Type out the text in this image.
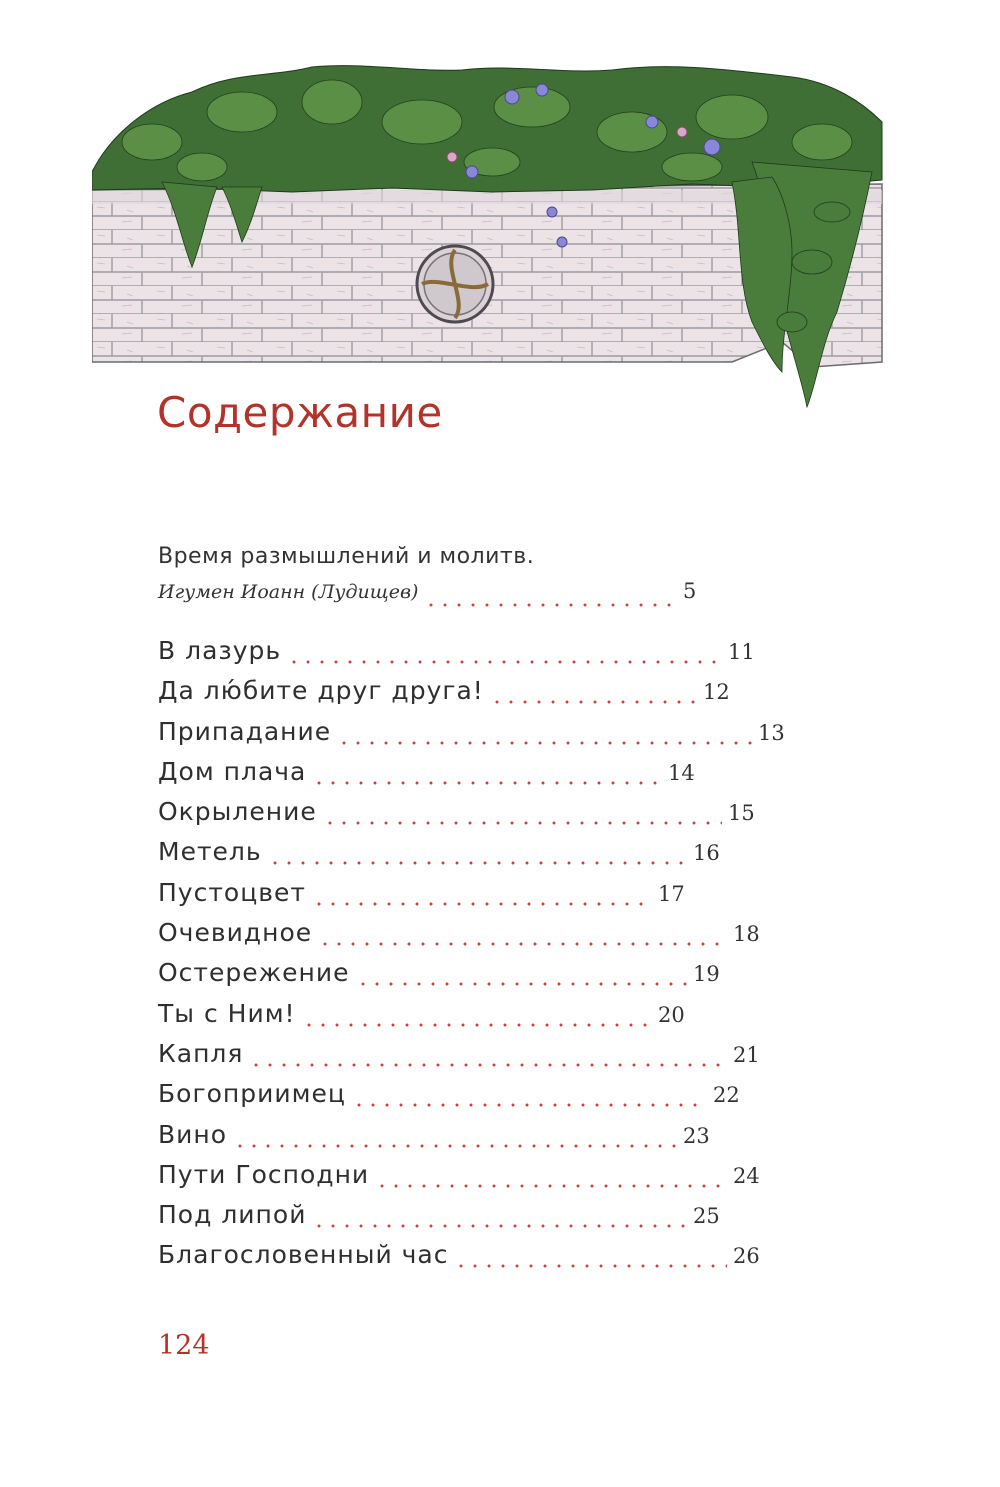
Содержание
Время размышлений и молитв.
Игумен Иоанн (Лудищев)	5
В лазурь	11
Да лю́бите друг друга!	12
Припадание	13
Дом плача	14
Окрыление	15
Метель	16
Пустоцвет	17
Очевидное	18
Остережение	19
Ты с Ним!	20
Капля	21
Богоприимец	22
Вино	23
Пути Господни	24
Под липой	25
Благословенный час	26
124
